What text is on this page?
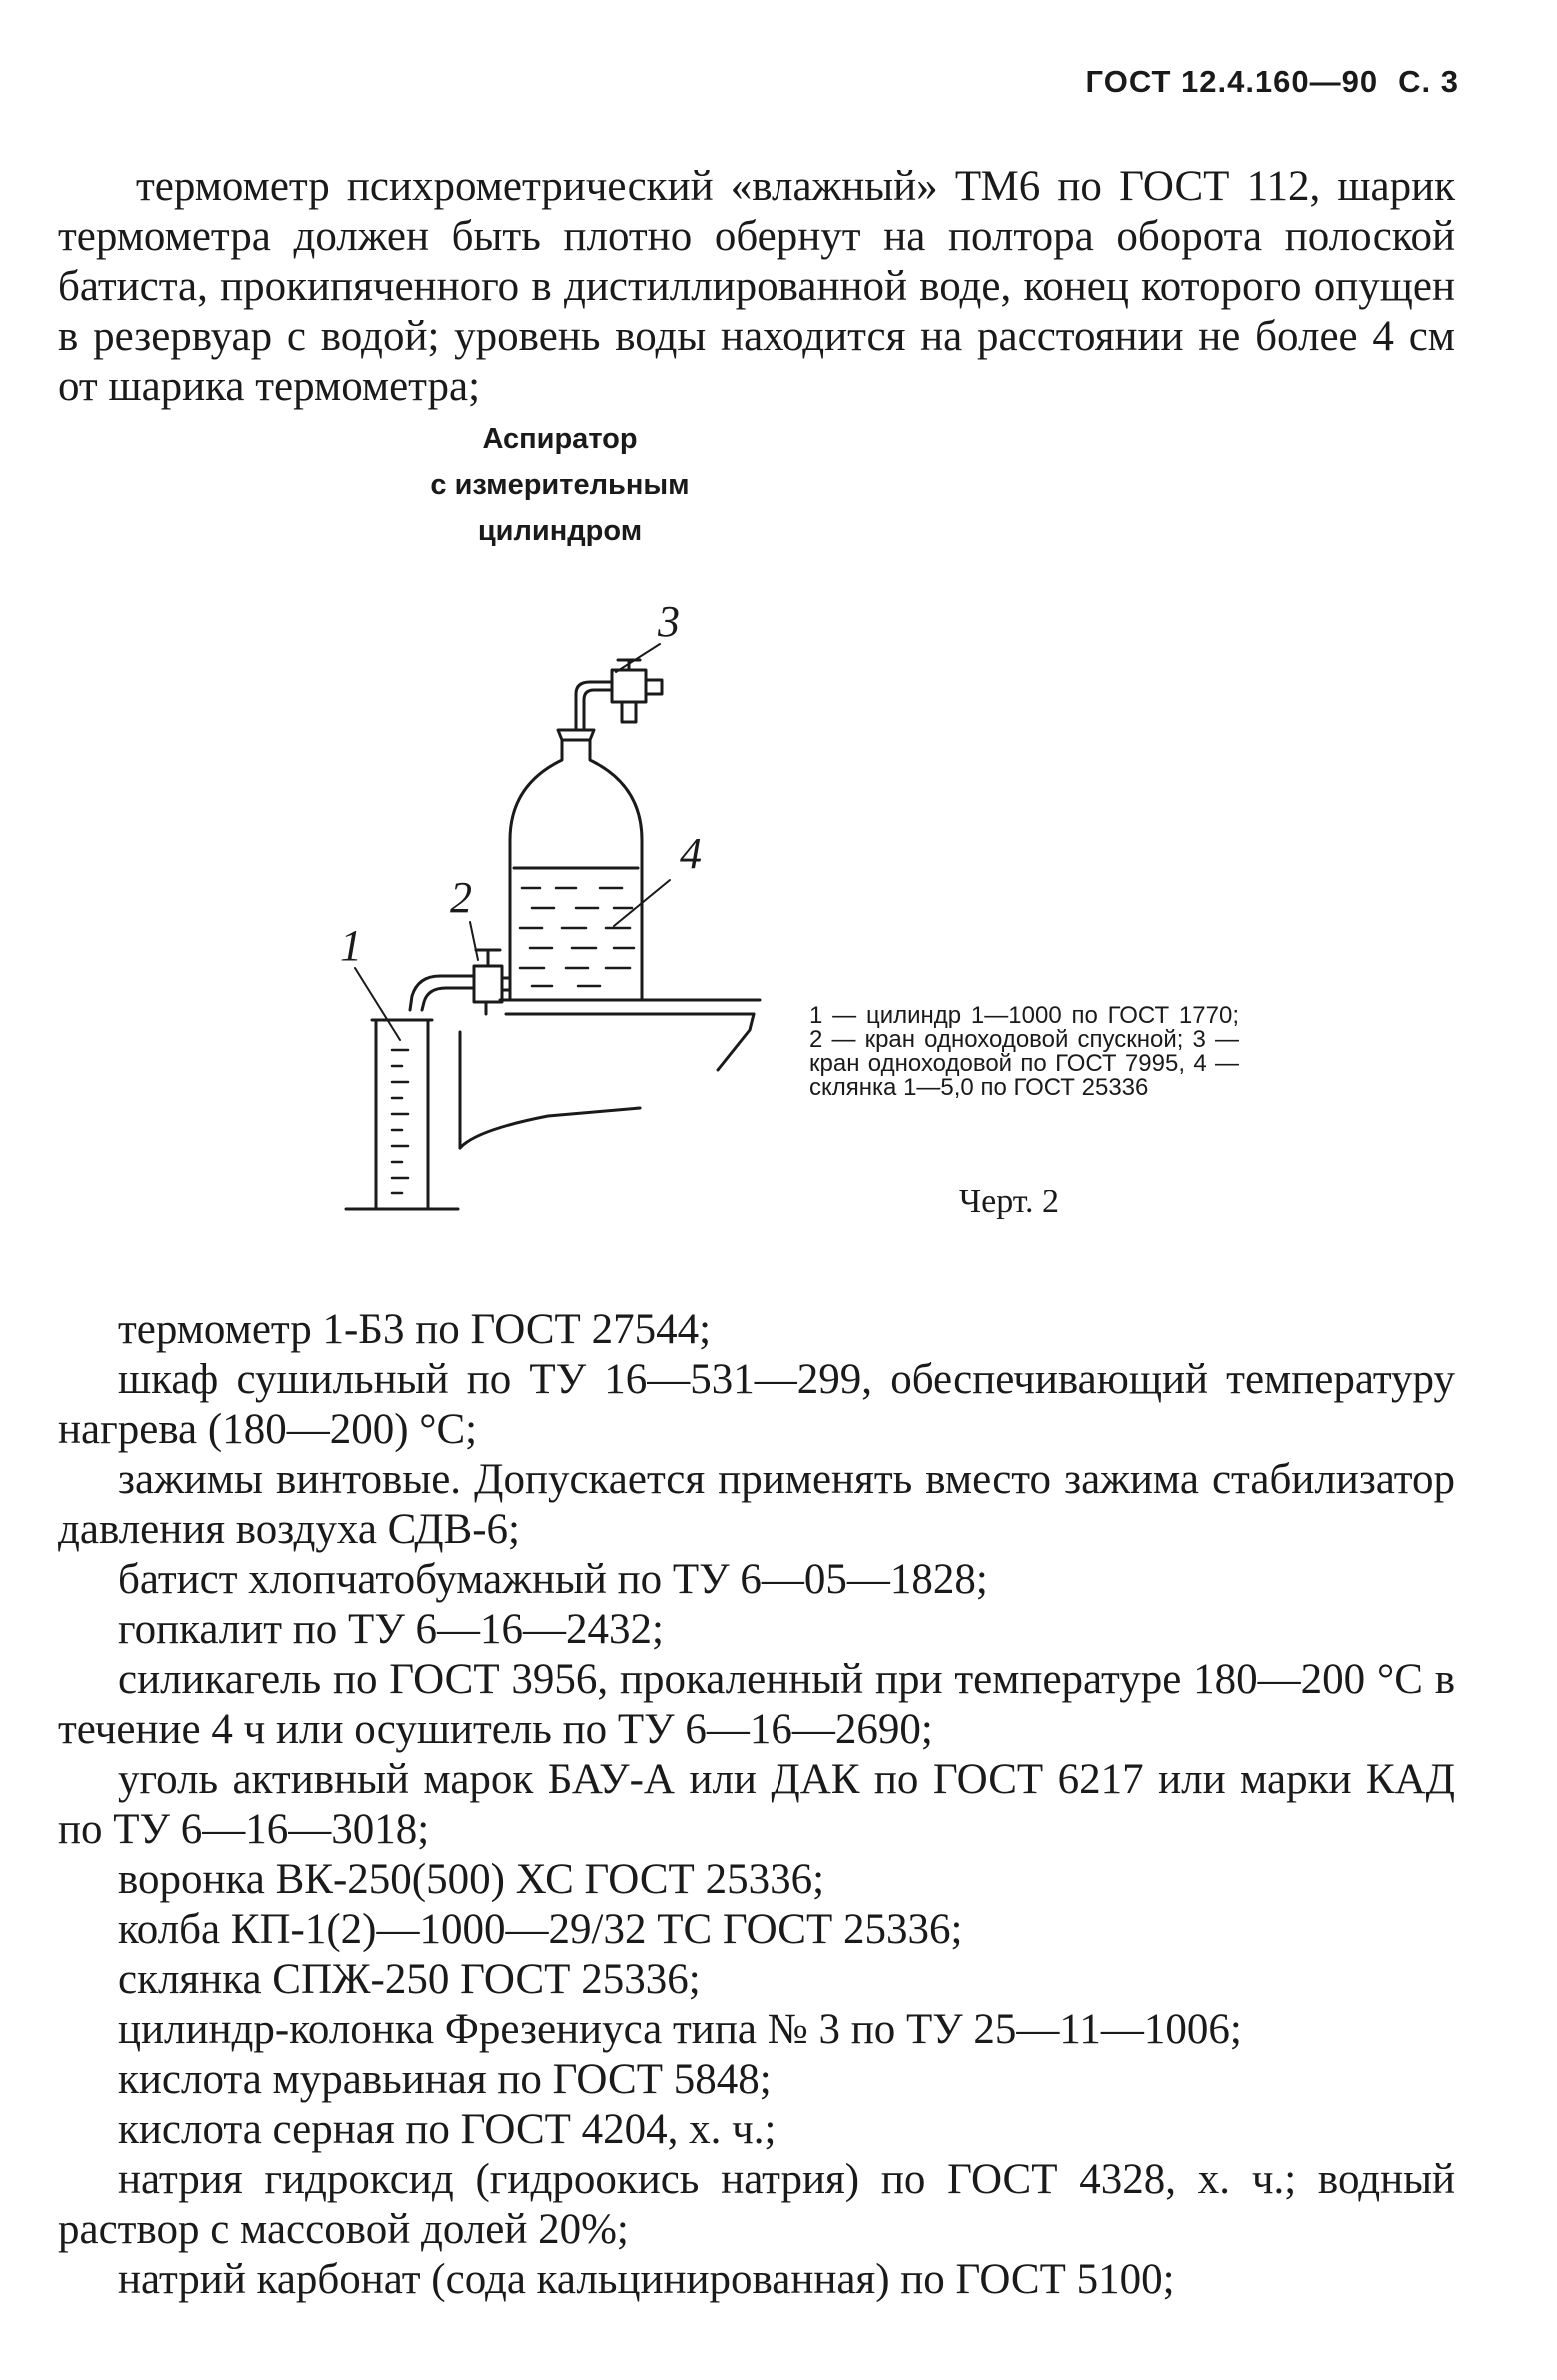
ГОСТ 12.4.160—90 С. 3

термометр психрометрический «влажный» ТМ6 по ГОСТ 112, шарик термометра должен быть плотно обернут на полтора оборота полоской батиста, прокипяченного в дистиллированной воде, конец которого опущен в резервуар с водой; уровень воды находится на расстоянии не более 4 см от шарика термометра;

Аспиратор
с измерительным
цилиндром
1
2
3
4
1 — цилиндр 1—1000 по ГОСТ 1770; 2 — кран одноходовой спускной; 3 — кран одноходовой по ГОСТ 7995, 4 — склянка 1—5,0 по ГОСТ 25336
Черт. 2

термометр 1-Б3 по ГОСТ 27544;

шкаф сушильный по ТУ 16—531—299, обеспечивающий температуру нагрева (180—200) °С;

зажимы винтовые. Допускается применять вместо зажима стабилизатор давления воздуха СДВ-6;

батист хлопчатобумажный по ТУ 6—05—1828;

гопкалит по ТУ 6—16—2432;

силикагель по ГОСТ 3956, прокаленный при температуре 180—200 °С в течение 4 ч или осушитель по ТУ 6—16—2690;

уголь активный марок БАУ-А или ДАК по ГОСТ 6217 или марки КАД по ТУ 6—16—3018;

воронка ВК-250(500) ХС ГОСТ 25336;

колба КП-1(2)—1000—29/32 ТС ГОСТ 25336;

склянка СПЖ-250 ГОСТ 25336;

цилиндр-колонка Фрезениуса типа № 3 по ТУ 25—11—1006;

кислота муравьиная по ГОСТ 5848;

кислота серная по ГОСТ 4204, х. ч.;

натрия гидроксид (гидроокись натрия) по ГОСТ 4328, х. ч.; водный раствор с массовой долей 20%;

натрий карбонат (сода кальцинированная) по ГОСТ 5100;
